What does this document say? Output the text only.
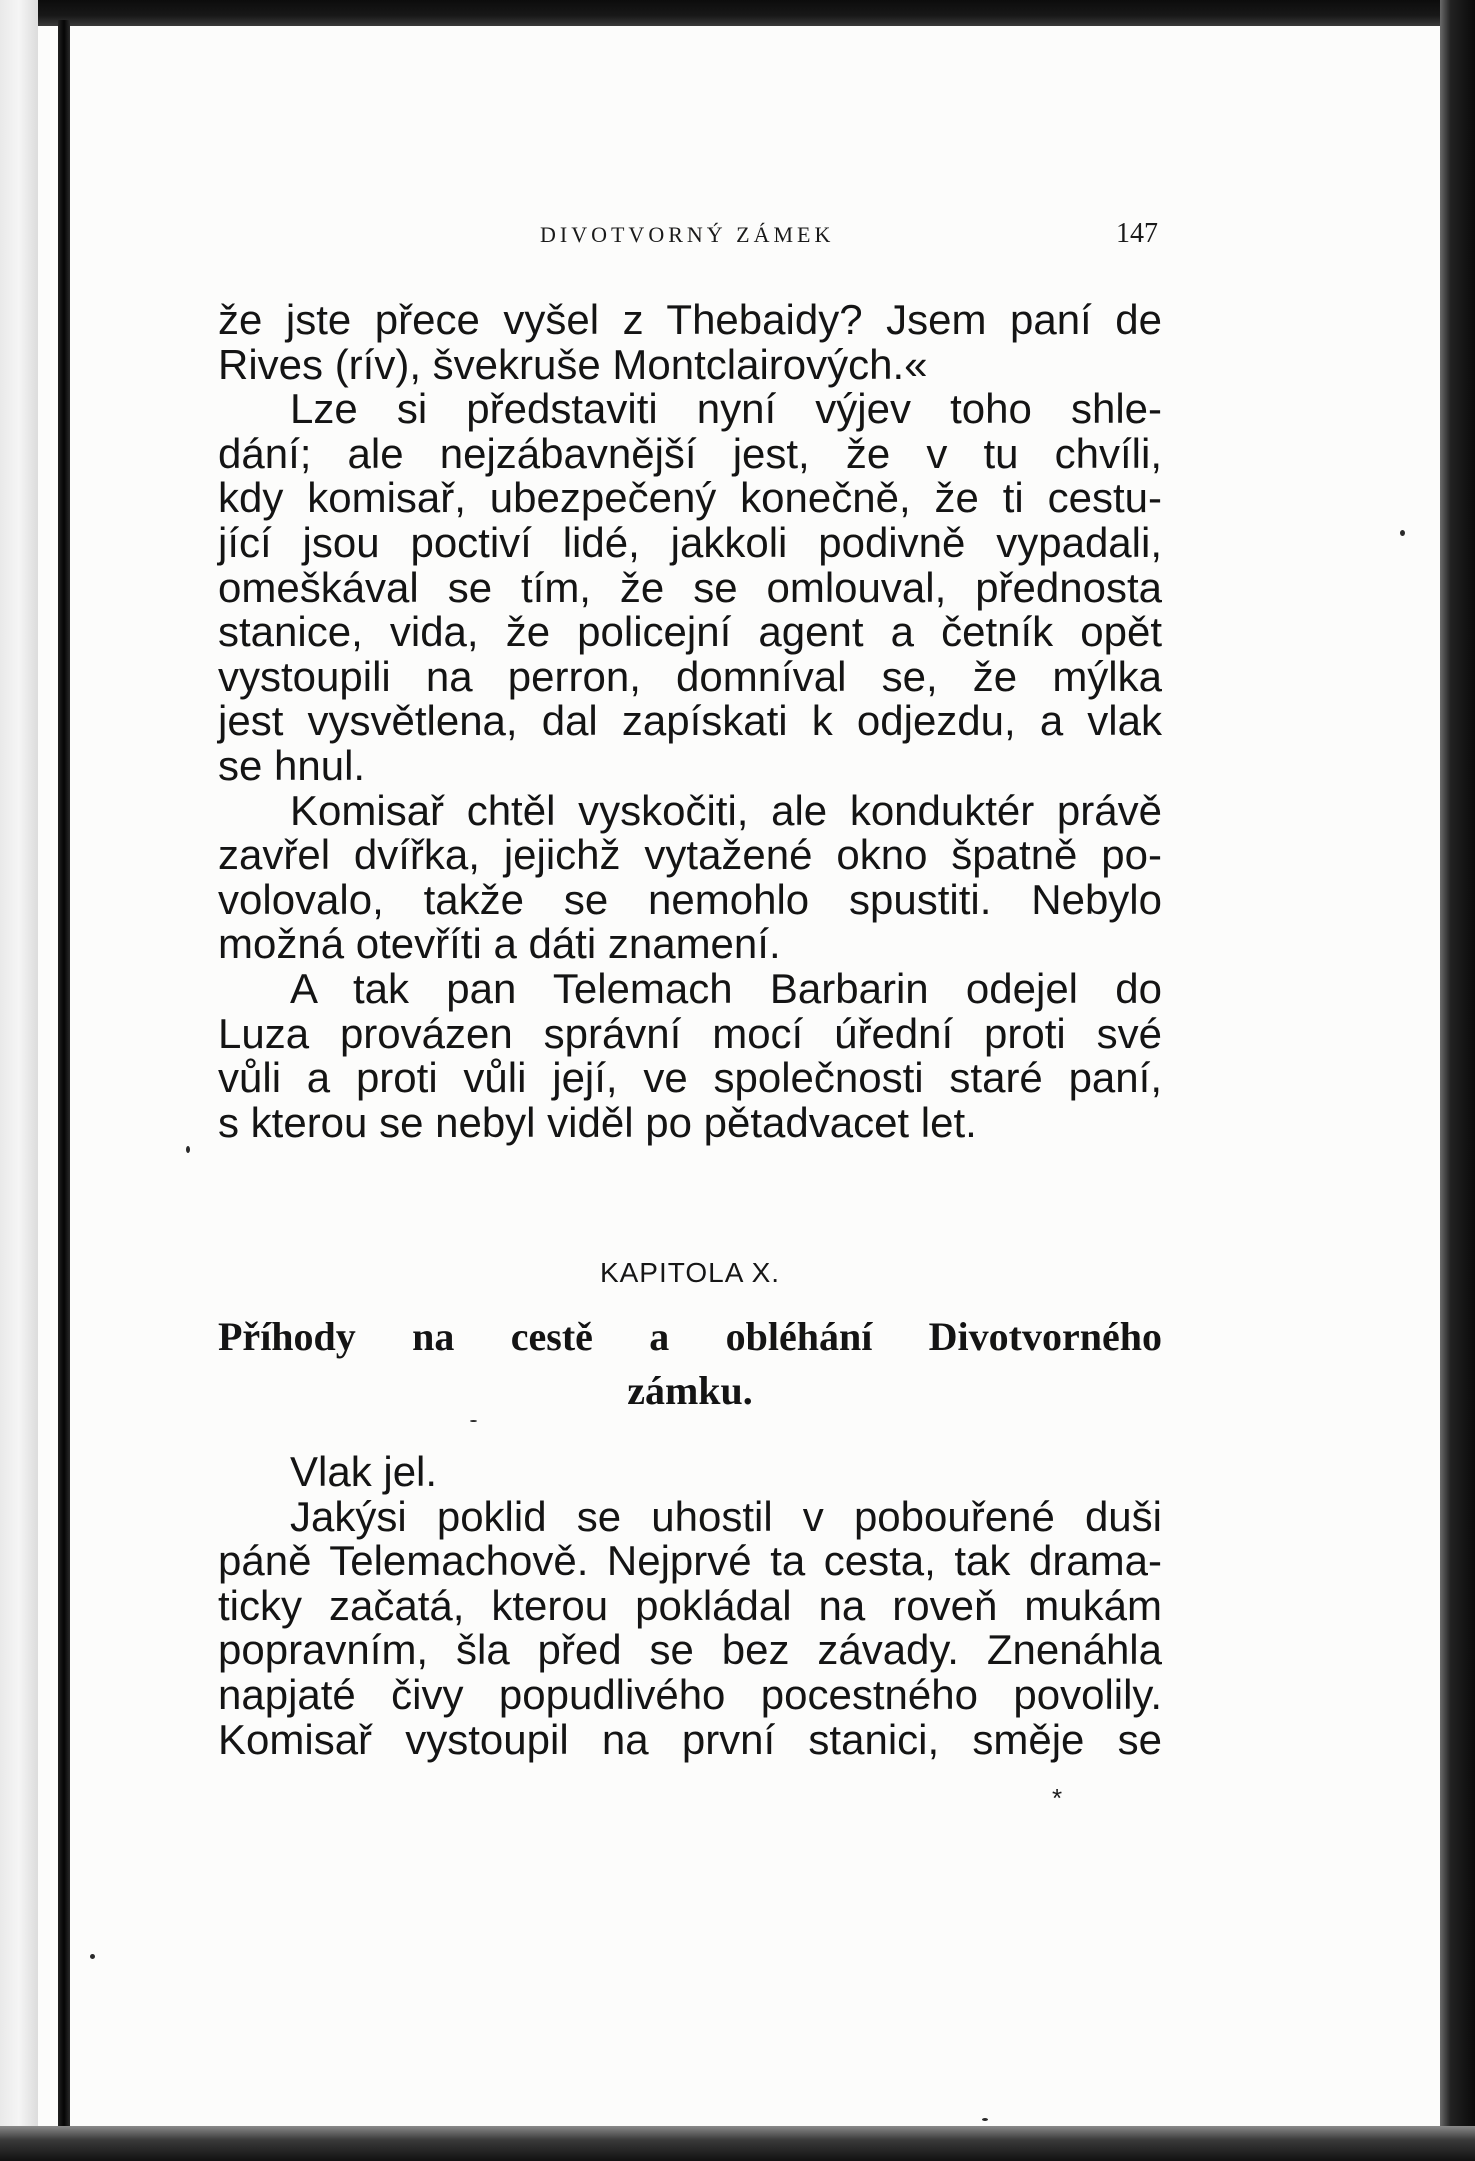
DIVOTVORNÝ ZÁMEK	147
že jste přece vyšel z Thebaidy? Jsem paní de
Rives (rív), švekruše Montclairových.«
Lze si představiti nyní výjev toho shle-
dání; ale nejzábavnější jest, že v tu chvíli,
kdy komisař, ubezpečený konečně, že ti cestu-
jící jsou poctiví lidé, jakkoli podivně vypadali,
omeškával se tím, že se omlouval, přednosta
stanice, vida, že policejní agent a četník opět
vystoupili na perron, domníval se, že mýlka
jest vysvětlena, dal zapískati k odjezdu, a vlak
se hnul.
Komisař chtěl vyskočiti, ale konduktér právě
zavřel dvířka, jejichž vytažené okno špatně po-
volovalo, takže se nemohlo spustiti. Nebylo
možná otevříti a dáti znamení.
A tak pan Telemach Barbarin odejel do
Luza provázen správní mocí úřední proti své
vůli a proti vůli její, ve společnosti staré paní,
s kterou se nebyl viděl po pětadvacet let.
KAPITOLA X.
Příhody na cestě a obléhání Divotvorného
zámku.
Vlak jel.
Jakýsi poklid se uhostil v pobouřené duši
páně Telemachově. Nejprvé ta cesta, tak drama-
ticky začatá, kterou pokládal na roveň mukám
popravním, šla před se bez závady. Znenáhla
napjaté čivy popudlivého pocestného povolily.
Komisař vystoupil na první stanici, směje se
*
